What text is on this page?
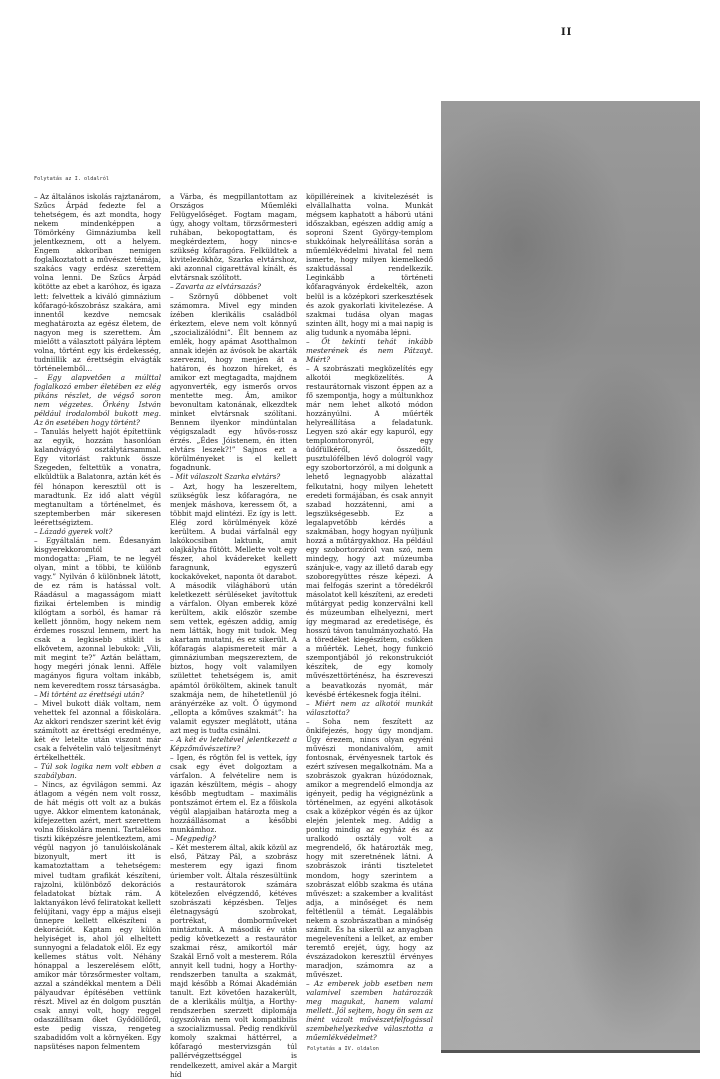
II
Folytatás az I. oldalról

– Az általános iskolás rajztanárom, Szűcs Árpád fedezte fel a tehetségem, és azt mondta, hogy nekem mindenképpen a Tömörkény Gimnáziumba kell jelentkeznem, ott a helyem. Engem akkoriban nemigen foglalkoztatott a művészet témája, szakács vagy erdész szerettem volna lenni. De Szűcs Árpád kötötte az ebet a karóhoz, és igaza lett: felvettek a kiváló gimnázium kőfaragó-kőszobrász szakára, ami innentől kezdve nemcsak meghatározta az egész életem, de nagyon meg is szerettem. Ám mielőtt a választott pályára léptem volna, történt egy kis érdekesség, tudniillik az érettségin elvágták történelemből...

– Egy alapvetően a múlttal foglalkozó ember életében ez elég pikáns részlet, de végső soron nem végzetes. Örkény István például irodalomból bukott meg. Az ön esetében hogy történt?

– Tanulás helyett hajót építettünk az egyik, hozzám hasonlóan kalandvágyó osztálytársammal. Egy vitorlást raktunk össze Szegeden, feltettük a vonatra, elküldtük a Balatonra, aztán két és fél hónapon keresztül ott is maradtunk. Ez idő alatt végül megtanultam a történelmet, és szeptemberben már sikeresen leérettségiztem.

– Lázadó gyerek volt?

– Egyáltalán nem. Édesanyám kisgyerekkoromtól azt mondogatta: „Fiam, te ne legyél olyan, mint a többi, te különb vagy.” Nyilván ő különbnek látott, de ez rám is hatással volt. Ráadásul a magasságom miatt fizikai értelemben is mindig kilógtam a sorból, és hamar rá kellett jönnöm, hogy nekem nem érdemes rosszul lennem, mert ha csak a legkisebb stiklit is elkövetem, azonnal lebukok: „Vili, mit megint te?” Aztán beláttam, hogy megéri jónak lenni. Afféle magányos figura voltam inkább, nem keveredtem rossz társaságba.

– Mi történt az érettségi után?

– Mivel bukott diák voltam, nem vehettek fel azonnal a főiskolára. Az akkori rendszer szerint két évig számított az érettségi eredménye, két év letelte után viszont már csak a felvételin való teljesítményt értékelhették.

– Túl sok logika nem volt ebben a szabályban.

– Nincs, az égvilágon semmi. Az átlagom a végén nem volt rossz, de hát mégis ott volt az a bukás ugye. Akkor elmentem katonának, kifejezetten azért, mert szerettem volna főiskolára menni. Tartalékos tiszti kiképzésre jelentkeztem, ami végül nagyon jó tanulóiskolának bizonyult, mert itt is kamatoztattam a tehetségem: mivel tudtam grafikát készíteni, rajzolni, különböző dekorációs feladatokat bíztak rám. A laktanyákon lévő feliratokat kellett felújítani, vagy épp a május elseji ünnepre kellett elkészíteni a dekorációt. Kaptam egy külön helyiséget is, ahol jól elheltett sunnyogni a feladatok elől. Ez egy kellemes státus volt. Néhány hónappal a leszerelésem előtt, amikor már törzsőrmester voltam, azzal a szándékkal mentem a Déli pályaudvar építésében vettünk részt. Mivel az én dolgom pusztán csak annyi volt, hogy reggel odaszállítsam őket Győdöllőről, este pedig vissza, rengeteg szabadidőm volt a környéken. Egy napsütéses napon felmentem

a Várba, és megpillantottam az Országos Műemléki Felügyelőséget. Fogtam magam, úgy, ahogy voltam, törzsőrmesteri ruhában, bekopogtattam, és megkérdeztem, hogy nincs-e szükség kőfaragóra. Felküldtek a kivitelezőkhöz, Szarka elvtárshoz, aki azonnal cigarettával kínált, és elvtársnak szólított.

– Zavarta az elvtársazás?

– Szörnyű döbbenet volt számomra. Mivel egy minden ízében klerikális családból érkeztem, eleve nem volt könnyű „szocializálódni”. Élt bennem az emlék, hogy apámat Asotthalmon annak idején az ávósok be akarták szervezni, hogy menjen át a határon, és hozzon híreket, és amikor ezt megtagadta, majdnem agyonverték, egy ismerős orvos mentette meg. Ám, amikor bevonultam katonának, elkezdtek minket elvtársnak szólítani. Bennem ilyenkor mindúntalan végigszaladt egy hűvös-rossz érzés. „Édes Jóistenem, én itten elvtárs leszek?!” Sajnos ezt a körülményeket is el kellett fogadnunk.

– Mit válaszolt Szarka elvtárs?

– Azt, hogy ha leszereltem, szükségük lesz kőfaragóra, ne menjek máshova, keressem őt, a többit majd elintézi. Ez így is lett. Elég zord körülmények közé kerültem. A budai várfalnál egy lakókocsiban laktunk, amit olajkályha fűtött. Mellette volt egy fészer, ahol kvádereket kellett faragnunk, egyszerű kockaköveket, naponta öt darabot. A második világháború után keletkezett sérüléseket javítottuk a várfalon. Olyan emberek közé kerültem, akik először szembe sem vettek, egészen addig, amíg nem látták, hogy mit tudok. Meg akartam mutatni, és ez sikerült. A kőfaragás alapismereteit már a gimnáziumban megszereztem, de biztos, hogy volt valamilyen születtet tehetségem is, amit apámtól örököltem, akinek tanult szakmája nem, de hihetetlenül jó arányérzéke az volt. Ő úgymond „ellopta a kőműves szakmát”: ha valamit egyszer meglátott, utána azt meg is tudta csinálni.

– A két év leteltével jelentkezett a Képzőművészetire?

– Igen, és rögtön fel is vettek, így csak egy évet dolgoztam a várfalon. A felvételire nem is igazán készültem, mégis – ahogy később megtudtam – maximális pontszámot értem el. Ez a főiskola végül alapjaiban határozta meg a hozzáállásomat a későbbi munkámhoz.

– Megpedig?

– Két mesterem által, akik közül az első, Pátzay Pál, a szobrász mesterem egy igazi finom úriember volt. Általa részesültünk a restaurátorok számára kötelezően elvégzendő, kétéves szobrászati képzésben. Teljes életnagyságú szobrokat, portrékat, domborműveket mintáztunk. A második év után pedig következett a restaurátor szakmai rész, amikortól már Szakál Ernő volt a mesterem. Róla annyit kell tudni, hogy a Horthy-rendszerben tanulta a szakmát, majd később a Római Akadémián tanult. Ezt követően hazakerült, de a klerikális múltja, a Horthy-rendszerben szerzett diplomája úgyszólván nem volt kompatibilis a szocializmussal. Pedig rendkívül komoly szakmai háttérrel, a kőfaragó mestervizsgán túl pallérvégzettséggel is rendelkezett, amivel akár a Margit híd

köpilléreinek a kivitelezését is elvállalhatta volna. Munkát mégsem kaphatott a háború utáni időszakban, egészen addig amíg a soproni Szent György-templom stukkóinak helyreállítása során a műemlékvédelmi hivatal fel nem ismerte, hogy milyen kiemelkedő szaktudással rendelkezik. Leginkább a történeti kőfaragványok érdekelték, azon belül is a középkori szerkesztések és azok gyakorlati kivitelezése. A szakmai tudása olyan magas szinten állt, hogy mi a mai napig is alig tudunk a nyomába lépni.

– Őt tekinti tehát inkább mesterének és nem Pátzayt. Miért?

– A szobrászati megközelítés egy alkotói megközelítés. A restaurátornak viszont éppen az a fő szempontja, hogy a múltunkhoz már nem lehet alkotó módon hozzányúlni. A műérték helyreállítása a feladatunk. Legyen szó akár egy kapuról, egy templomtoronyról, egy üdőfülkéről, összedőlt, pusztulófélben lévő dologról vagy egy szobortorzóról, a mi dolgunk a lehető legnagyobb alázattal felkutatni, hogy milyen lehetett eredeti formájában, és csak annyit szabad hozzátenni, ami a legszükségesebb. Ez a legalapvetőbb kérdés a szakmában, hogy hogyan nyúljunk hozzá a műtárgyakhoz. Ha például egy szobortorzóról van szó, nem mindegy, hogy azt múzeumba szánjuk-e, vagy az illető darab egy szoboregyüttes része képezi. A mai felfogás szerint a töredékről másolatot kell készíteni, az eredeti műtárgyat pedig konzerválni kell és múzeumban elhelyezni, mert így megmarad az eredetisége, és hosszú távon tanulmányozható. Ha a töredéket kiegészítem, csökken a műérték. Lehet, hogy funkció szempontjából jó rekonstrukciót készítek, de egy komoly művészettörténész, ha észreveszi a beavatkozás nyomát, már kevésbé értékesnek fogja ítélni.

– Miért nem az alkotói munkát választotta?

– Soha nem feszített az önkifejezés, hogy úgy mondjam. Úgy érezem, nincs olyan egyéni művészi mondanivalóm, amit fontosnak, érvényesnek tartok és ezért szívesen megalkotnám. Ma a szobrászok gyakran húzódoznak, amikor a megrendelő elmondja az igényeit, pedig ha végignézünk a történelmen, az egyéni alkotások csak a középkor végén és az újkor elején jelentek meg. Addig a pontig mindig az egyház és az uralkodó osztály volt a megrendelő, ők határozták meg, hogy mit szeretnének látni. A szobrászok iránti tiszteletet mondom, hogy szerintem a szobrászat előbb szakma és utána művészet: a szakember a kvalitást adja, a minőséget és nem feltétlenül a témát. Legalábbis nekem a szobrászatban a minőség számít. És ha sikerül az anyagban megeleveníteni a lelket, az ember teremtő erejét, úgy, hogy az évszázadokon keresztül érvényes maradjon, számomra az a művészet.

– Az emberek jobb esetben nem valamivel szemben határozzák meg magukat, hanem valami mellett. Jól sejtem, hogy ön sem az ínént vázolt művészetfelfogással szembehelyezkedve választotta a műemlékvédelmet?

Folytatás a IV. oldalon
